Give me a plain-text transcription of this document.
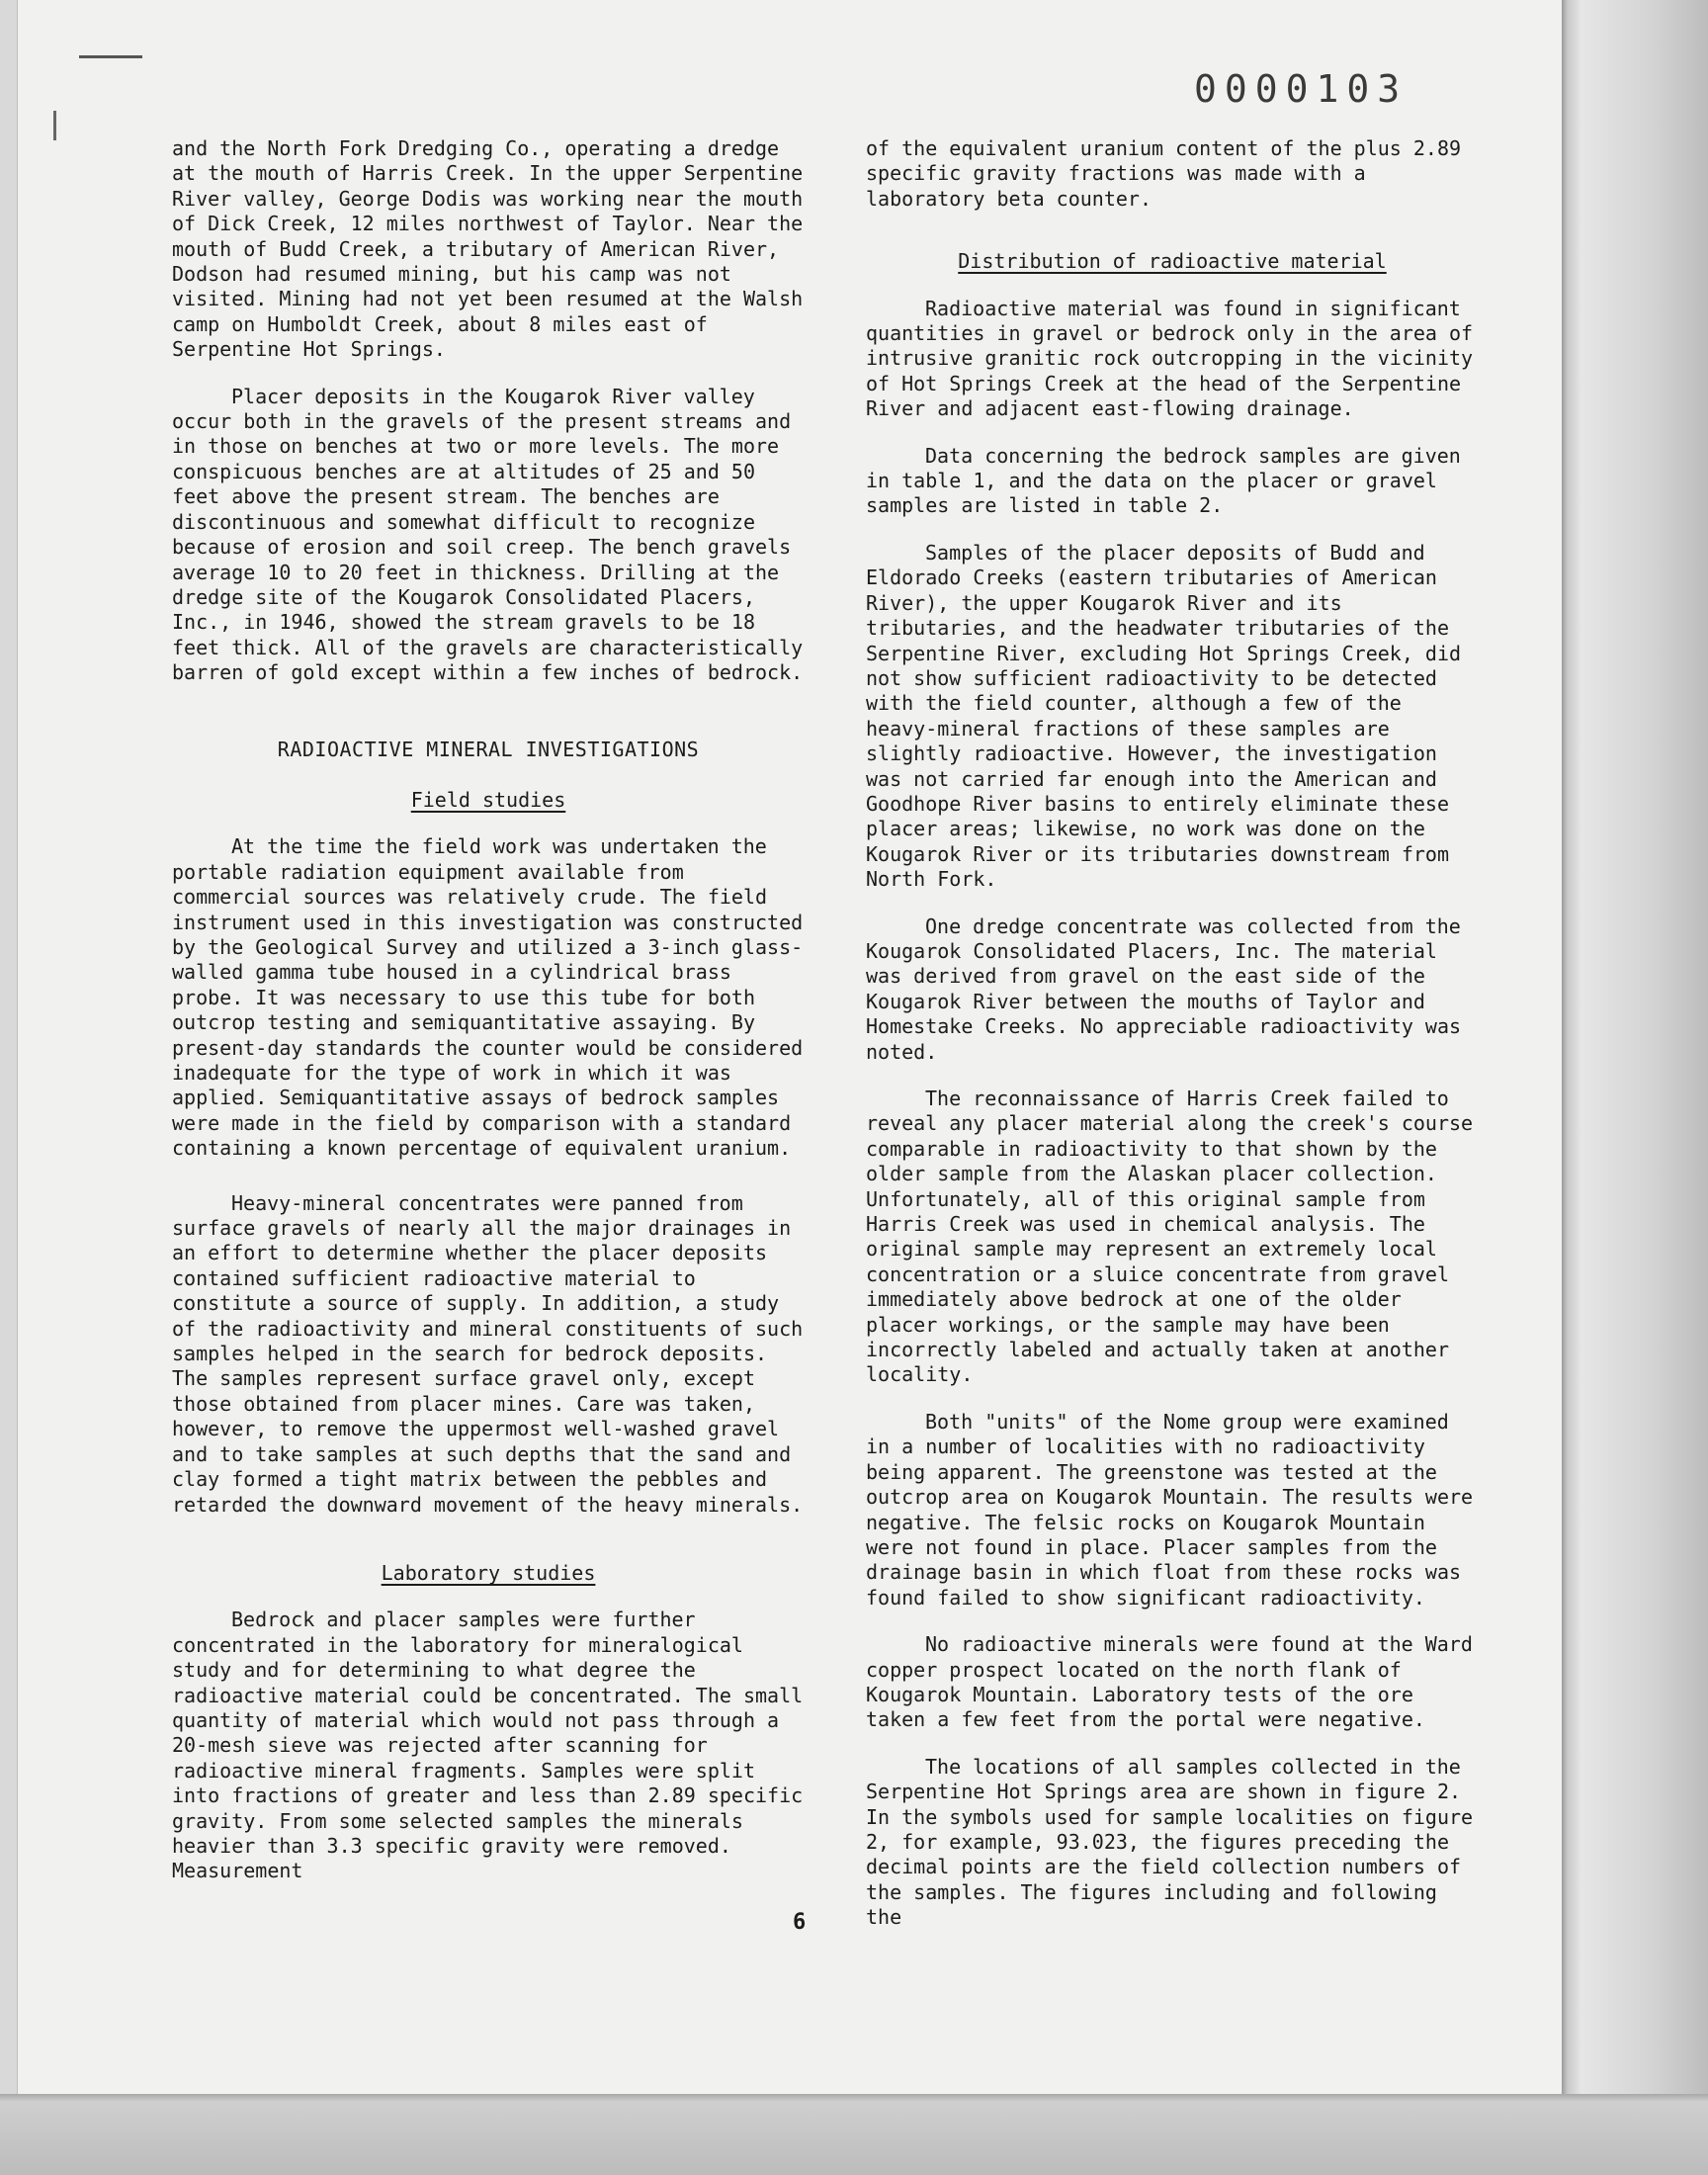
0000103

and the North Fork Dredging Co., operating a dredge at the mouth of Harris Creek. In the upper Serpentine River valley, George Dodis was working near the mouth of Dick Creek, 12 miles northwest of Taylor. Near the mouth of Budd Creek, a tributary of American River, Dodson had resumed mining, but his camp was not visited. Mining had not yet been resumed at the Walsh camp on Humboldt Creek, about 8 miles east of Serpentine Hot Springs.

Placer deposits in the Kougarok River valley occur both in the gravels of the present streams and in those on benches at two or more levels. The more conspicuous benches are at altitudes of 25 and 50 feet above the present stream. The benches are discontinuous and somewhat difficult to recognize because of erosion and soil creep. The bench gravels average 10 to 20 feet in thickness. Drilling at the dredge site of the Kougarok Consolidated Placers, Inc., in 1946, showed the stream gravels to be 18 feet thick. All of the gravels are characteristically barren of gold except within a few inches of bedrock.

RADIOACTIVE MINERAL INVESTIGATIONS
Field studies

At the time the field work was undertaken the portable radiation equipment available from commercial sources was relatively crude. The field instrument used in this investigation was constructed by the Geological Survey and utilized a 3-inch glass-walled gamma tube housed in a cylindrical brass probe. It was necessary to use this tube for both outcrop testing and semiquantitative assaying. By present-day standards the counter would be considered inadequate for the type of work in which it was applied. Semiquantitative assays of bedrock samples were made in the field by comparison with a standard containing a known percentage of equivalent uranium.

Heavy-mineral concentrates were panned from surface gravels of nearly all the major drainages in an effort to determine whether the placer deposits contained sufficient radioactive material to constitute a source of supply. In addition, a study of the radioactivity and mineral constituents of such samples helped in the search for bedrock deposits. The samples represent surface gravel only, except those obtained from placer mines. Care was taken, however, to remove the uppermost well-washed gravel and to take samples at such depths that the sand and clay formed a tight matrix between the pebbles and retarded the downward movement of the heavy minerals.

Laboratory studies

Bedrock and placer samples were further concentrated in the laboratory for mineralogical study and for determining to what degree the radioactive material could be concentrated. The small quantity of material which would not pass through a 20-mesh sieve was rejected after scanning for radioactive mineral fragments. Samples were split into fractions of greater and less than 2.89 specific gravity. From some selected samples the minerals heavier than 3.3 specific gravity were removed. Measurement

of the equivalent uranium content of the plus 2.89 specific gravity fractions was made with a laboratory beta counter.

Distribution of radioactive material

Radioactive material was found in significant quantities in gravel or bedrock only in the area of intrusive granitic rock outcropping in the vicinity of Hot Springs Creek at the head of the Serpentine River and adjacent east-flowing drainage.

Data concerning the bedrock samples are given in table 1, and the data on the placer or gravel samples are listed in table 2.

Samples of the placer deposits of Budd and Eldorado Creeks (eastern tributaries of American River), the upper Kougarok River and its tributaries, and the headwater tributaries of the Serpentine River, excluding Hot Springs Creek, did not show sufficient radioactivity to be detected with the field counter, although a few of the heavy-mineral fractions of these samples are slightly radioactive. However, the investigation was not carried far enough into the American and Goodhope River basins to entirely eliminate these placer areas; likewise, no work was done on the Kougarok River or its tributaries downstream from North Fork.

One dredge concentrate was collected from the Kougarok Consolidated Placers, Inc. The material was derived from gravel on the east side of the Kougarok River between the mouths of Taylor and Homestake Creeks. No appreciable radioactivity was noted.

The reconnaissance of Harris Creek failed to reveal any placer material along the creek's course comparable in radioactivity to that shown by the older sample from the Alaskan placer collection. Unfortunately, all of this original sample from Harris Creek was used in chemical analysis. The original sample may represent an extremely local concentration or a sluice concentrate from gravel immediately above bedrock at one of the older placer workings, or the sample may have been incorrectly labeled and actually taken at another locality.

Both "units" of the Nome group were examined in a number of localities with no radioactivity being apparent. The greenstone was tested at the outcrop area on Kougarok Mountain. The results were negative. The felsic rocks on Kougarok Mountain were not found in place. Placer samples from the drainage basin in which float from these rocks was found failed to show significant radioactivity.

No radioactive minerals were found at the Ward copper prospect located on the north flank of Kougarok Mountain. Laboratory tests of the ore taken a few feet from the portal were negative.

The locations of all samples collected in the Serpentine Hot Springs area are shown in figure 2. In the symbols used for sample localities on figure 2, for example, 93.023, the figures preceding the decimal points are the field collection numbers of the samples. The figures including and following the

6
